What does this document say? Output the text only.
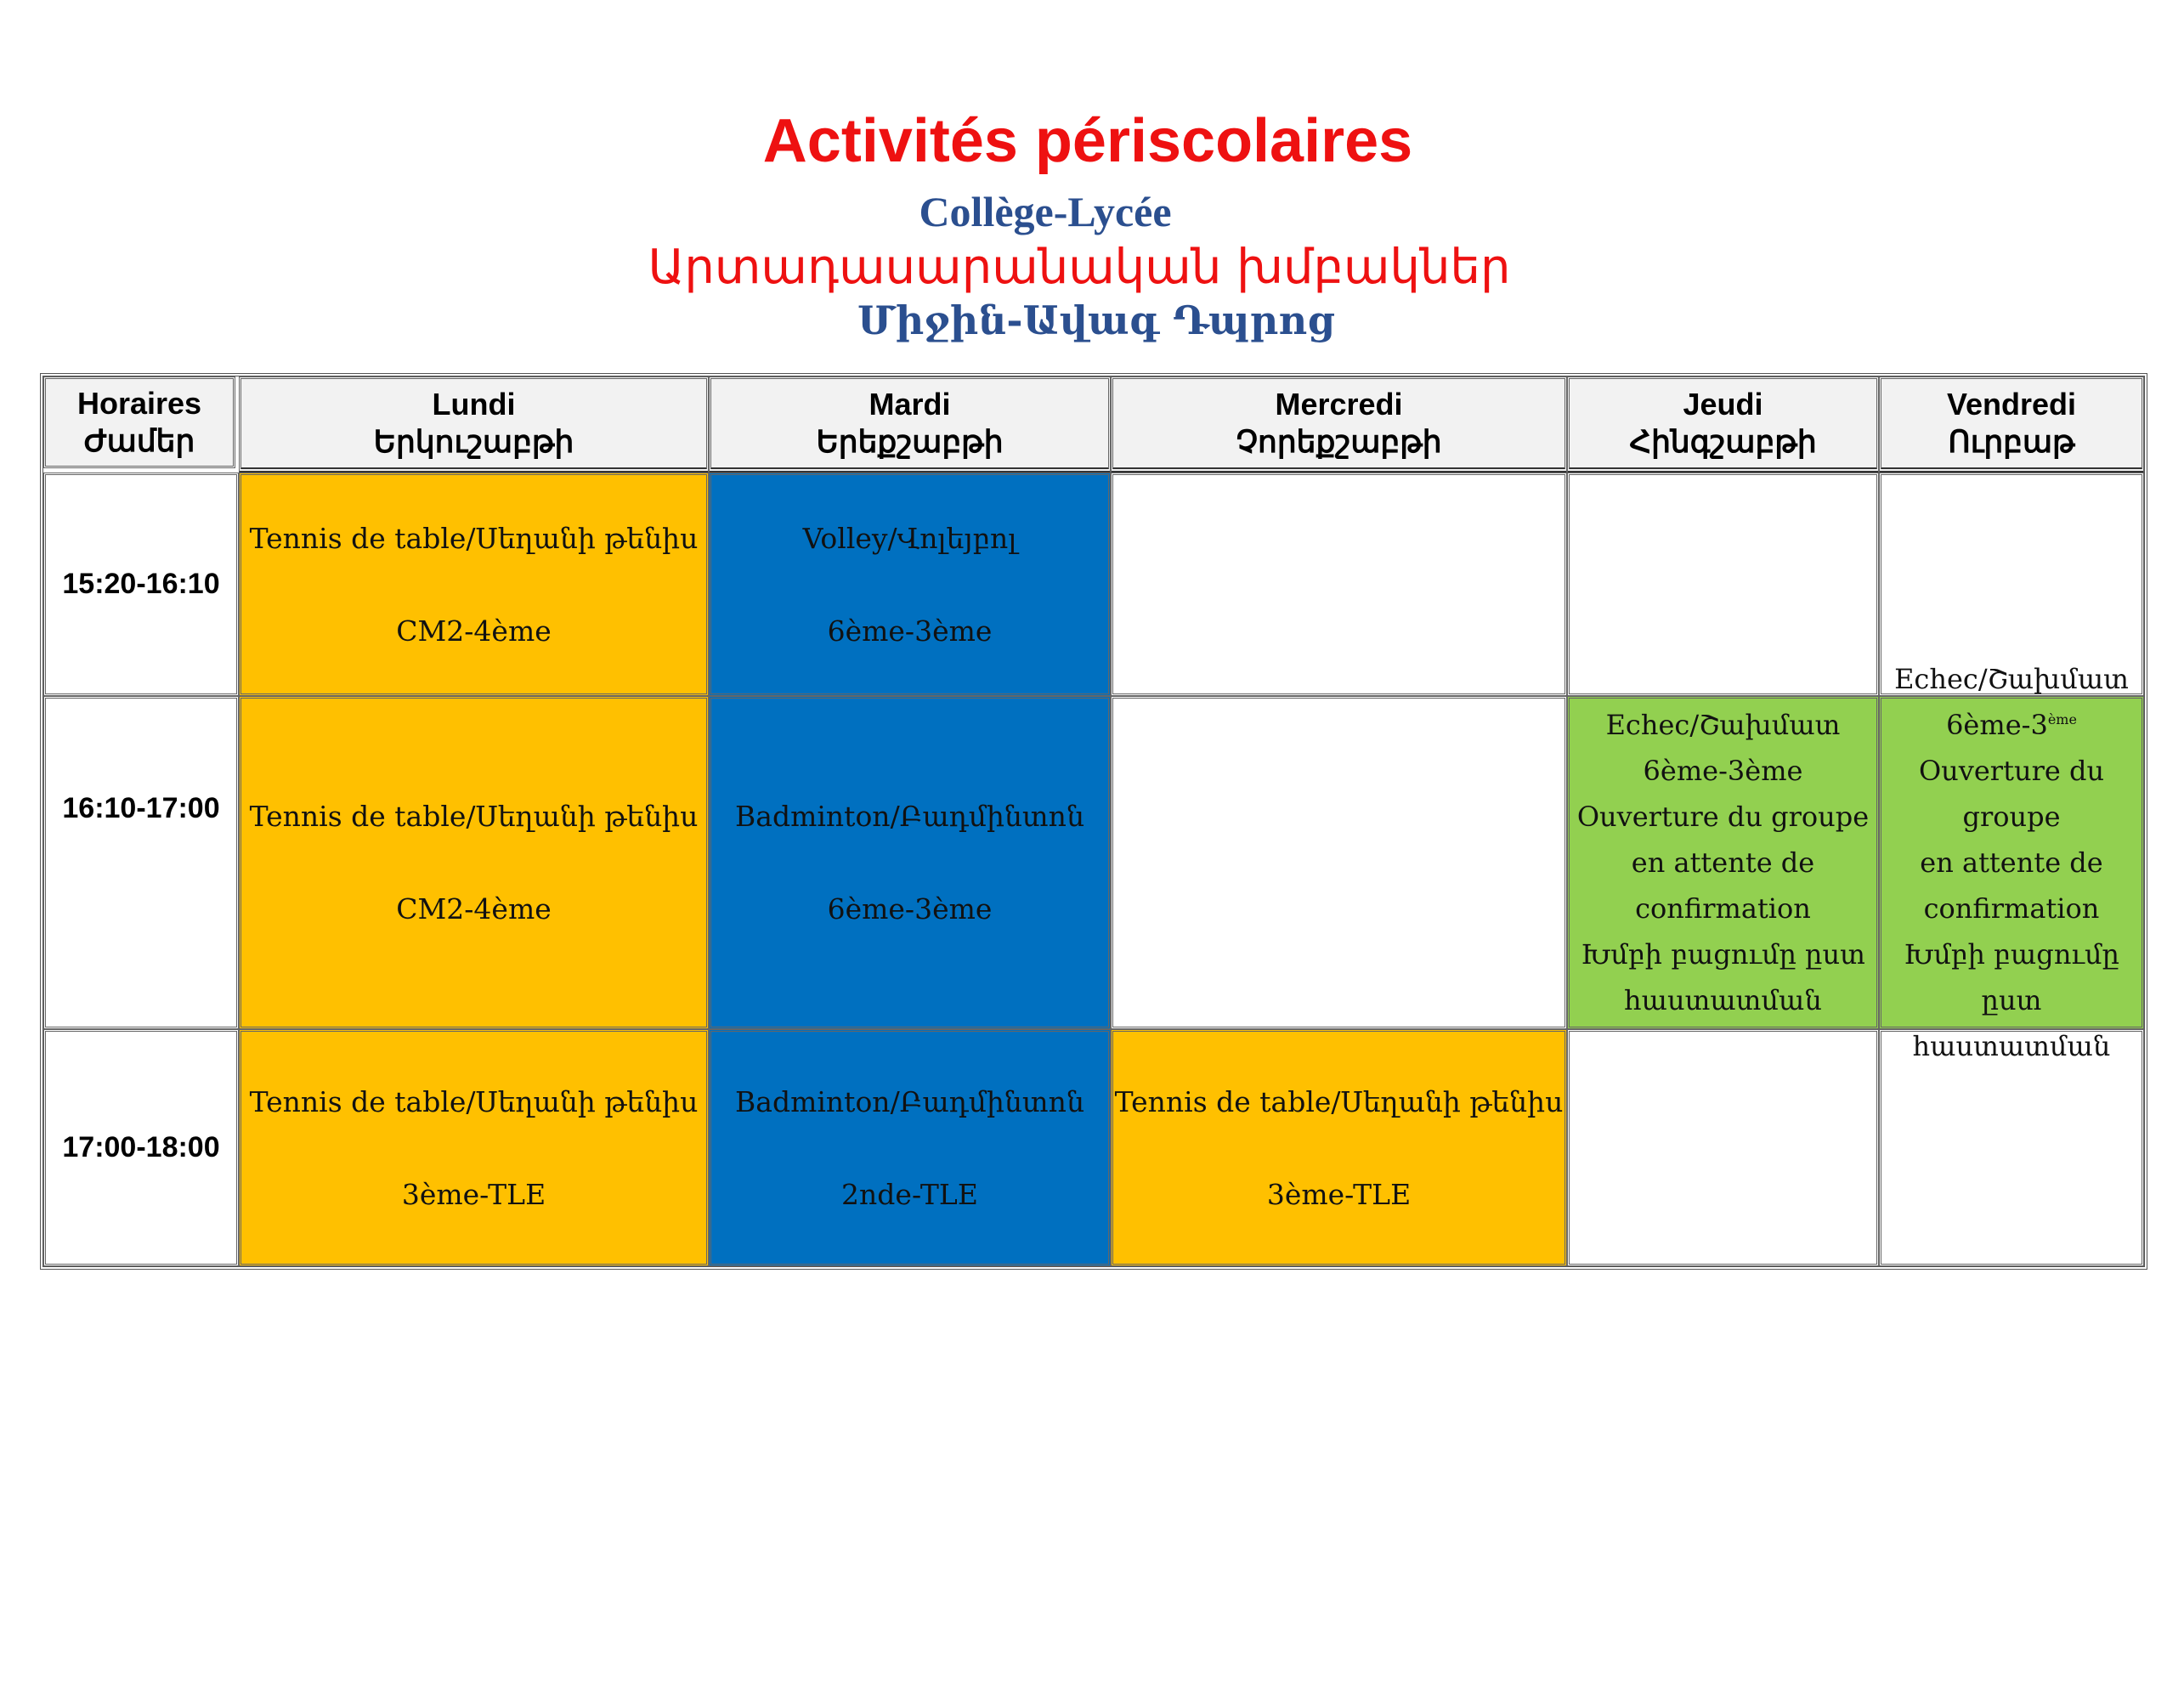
Activités périscolaires
Collège-Lycée
Արտադասարանական խմբակներ
Միջին-Ավագ Դպրոց
Horaires
Ժամեր
Lundi
Երկուշաբթի
Mardi
Երեքշաբթի
Mercredi
Չորեքշաբթի
Jeudi
Հինգշաբթի
Vendredi
Ուրբաթ
15:20-16:10
Tennis de table/Սեղանի թենիս
CM2-4ème
Volley/Վոլեյբոլ
6ème-3ème
16:10-17:00 Tennis de table/Սեղանի թենիս
CM2-4ème
Badminton/Բադմինտոն
6ème-3ème
Echec/Շախմատ
6ème-3ème
Ouverture du groupe
en attente de
confirmation
Խմբի բացումը ըստ
հաստատման
Echec/Շախմատ
6ème-3ème
Ouverture du groupe
en attente de
confirmation
Խմբի բացումը ըստ
հաստատման
17:00-18:00
Tennis de table/Սեղանի թենիս
3ème-TLE
Badminton/Բադմինտոն
2nde-TLE
Tennis de table/Սեղանի թենիս
3ème-TLE
